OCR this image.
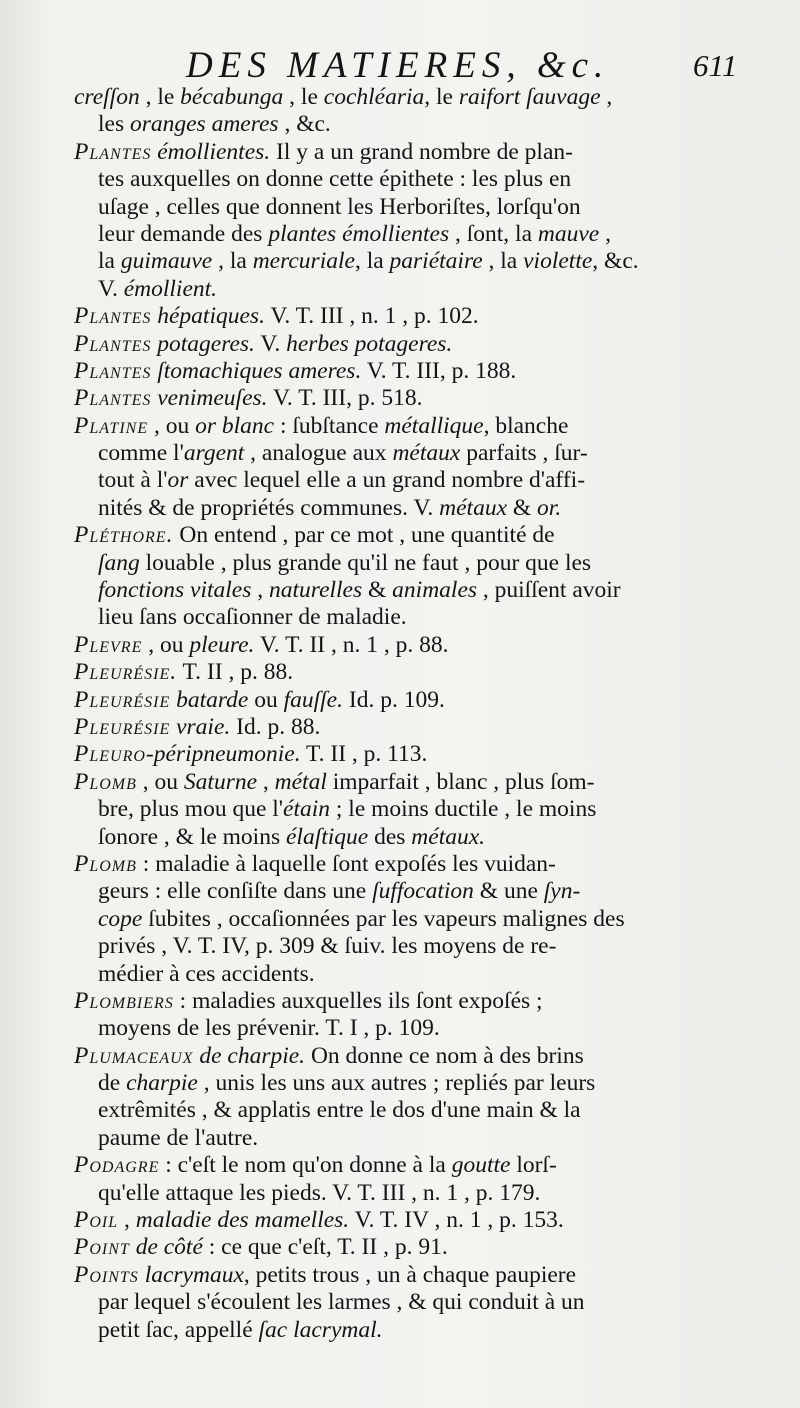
DES MATIERES, &c.	611
creſſon , le bécabunga , le cochléaria, le raifort ſauvage ,
les oranges ameres , &c.
Plantes émollientes. Il y a un grand nombre de plan-
tes auxquelles on donne cette épithete : les plus en
uſage , celles que donnent les Herboriſtes, lorſqu'on
leur demande des plantes émollientes , ſont, la mauve ,
la guimauve , la mercuriale, la pariétaire , la violette, &c.
V. émollient.
Plantes hépatiques. V. T. III , n. 1 , p. 102.
Plantes potageres. V. herbes potageres.
Plantes ſtomachiques ameres. V. T. III, p. 188.
Plantes venimeuſes. V. T. III, p. 518.
Platine , ou or blanc : ſubſtance métallique, blanche
comme l'argent , analogue aux métaux parfaits , ſur-
tout à l'or avec lequel elle a un grand nombre d'affi-
nités & de propriétés communes. V. métaux & or.
Pléthore. On entend , par ce mot , une quantité de
ſang louable , plus grande qu'il ne faut , pour que les
fonctions vitales , naturelles & animales , puiſſent avoir
lieu ſans occaſionner de maladie.
Plevre , ou pleure. V. T. II , n. 1 , p. 88.
Pleurésie. T. II , p. 88.
Pleurésie batarde ou fauſſe. Id. p. 109.
Pleurésie vraie. Id. p. 88.
Pleuro-péripneumonie. T. II , p. 113.
Plomb , ou Saturne , métal imparfait , blanc , plus ſom-
bre, plus mou que l'étain ; le moins ductile , le moins
ſonore , & le moins élaſtique des métaux.
Plomb : maladie à laquelle ſont expoſés les vuidan-
geurs : elle conſiſte dans une ſuffocation & une ſyn-
cope ſubites , occaſionnées par les vapeurs malignes des
privés , V. T. IV, p. 309 & ſuiv. les moyens de re-
médier à ces accidents.
Plombiers : maladies auxquelles ils ſont expoſés ;
moyens de les prévenir. T. I , p. 109.
Plumaceaux de charpie. On donne ce nom à des brins
de charpie , unis les uns aux autres ; repliés par leurs
extrêmités , & applatis entre le dos d'une main & la
paume de l'autre.
Podagre : c'eſt le nom qu'on donne à la goutte lorſ-
qu'elle attaque les pieds. V. T. III , n. 1 , p. 179.
Poil , maladie des mamelles. V. T. IV , n. 1 , p. 153.
Point de côté : ce que c'eſt, T. II , p. 91.
Points lacrymaux, petits trous , un à chaque paupiere
par lequel s'écoulent les larmes , & qui conduit à un
petit ſac, appellé ſac lacrymal.
